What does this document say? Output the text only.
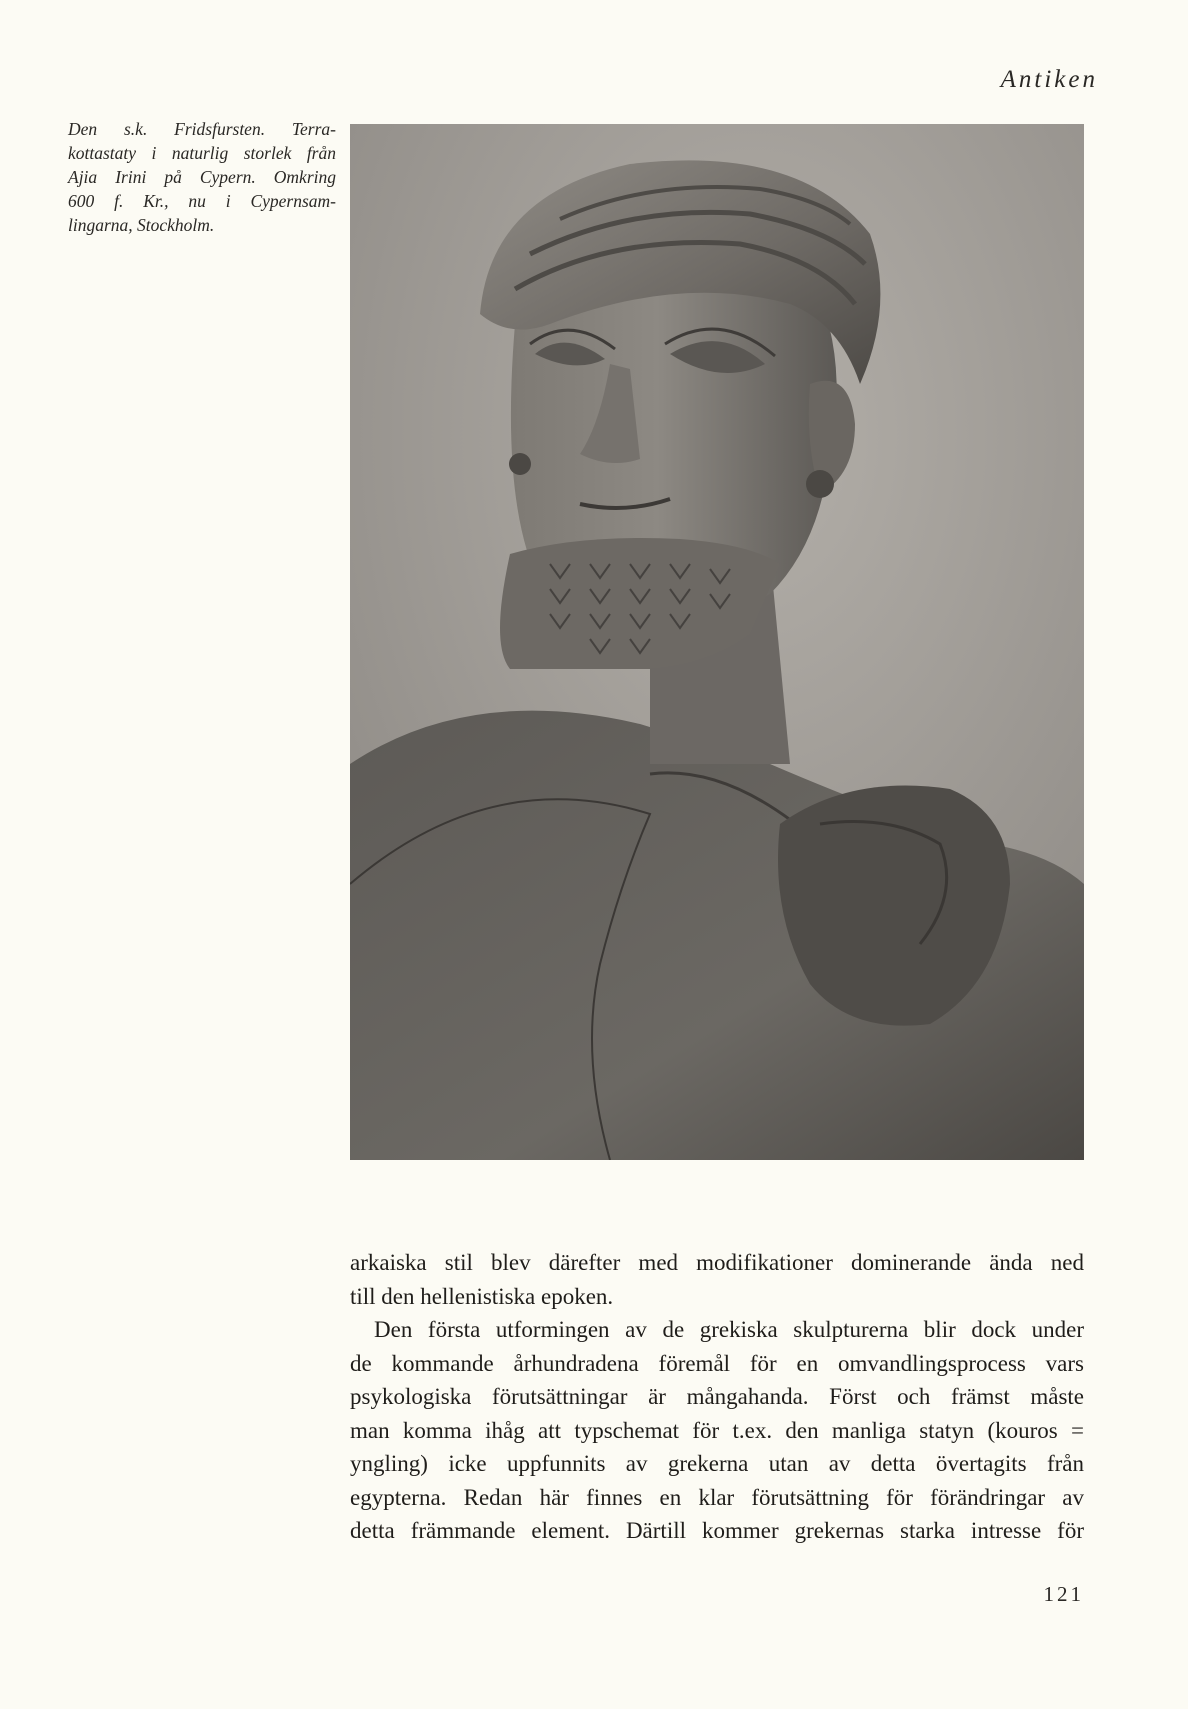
Antiken
Den s.k. Fridsfursten. Terra-
kottastaty i naturlig storlek från
Ajia Irini på Cypern. Omkring
600 f. Kr., nu i Cypernsam-
lingarna, Stockholm.

arkaiska stil blev därefter med modifikationer dominerande ända ned
till den hellenistiska epoken.

Den första utformingen av de grekiska skulpturerna blir dock under
de kommande århundradena föremål för en omvandlingsprocess vars
psykologiska förutsättningar är mångahanda. Först och främst måste
man komma ihåg att typschemat för t.ex. den manliga statyn (kouros =
yngling) icke uppfunnits av grekerna utan av detta övertagits från
egypterna. Redan här finnes en klar förutsättning för förändringar av
detta främmande element. Därtill kommer grekernas starka intresse för

121
